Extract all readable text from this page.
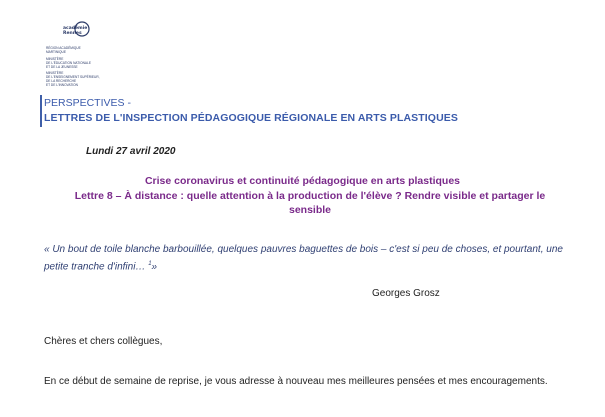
académie
Rennes
RÉGION ACADÉMIQUE
MARTINIQUE
MINISTÈRE
DE L'ÉDUCATION NATIONALE
ET DE LA JEUNESSE
MINISTÈRE
DE L'ENSEIGNEMENT SUPÉRIEUR,
DE LA RECHERCHE
ET DE L'INNOVATION
PERSPECTIVES -
LETTRES DE L'INSPECTION PÉDAGOGIQUE RÉGIONALE EN ARTS PLASTIQUES
Lundi 27 avril 2020
Crise coronavirus et continuité pédagogique en arts plastiques
Lettre 8 – À distance : quelle attention à la production de l'élève ? Rendre visible et partager le sensible
« Un bout de toile blanche barbouillée, quelques pauvres baguettes de bois – c'est si peu de choses, et pourtant, une petite tranche d'infini… $^1$»
Georges Grosz
Chères et chers collègues,
En ce début de semaine de reprise, je vous adresse à nouveau mes meilleures pensées et mes encouragements.
